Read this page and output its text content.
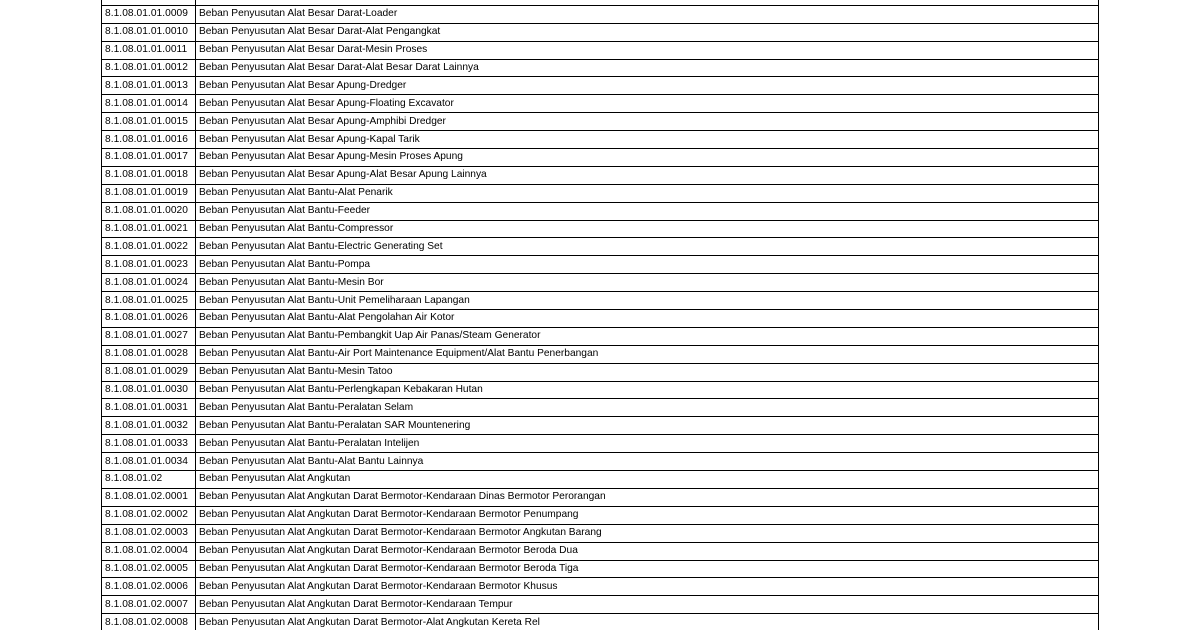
8.1.08.01.01.0009	Beban Penyusutan Alat Besar Darat-Loader
8.1.08.01.01.0010	Beban Penyusutan Alat Besar Darat-Alat Pengangkat
8.1.08.01.01.0011	Beban Penyusutan Alat Besar Darat-Mesin Proses
8.1.08.01.01.0012	Beban Penyusutan Alat Besar Darat-Alat Besar Darat Lainnya
8.1.08.01.01.0013	Beban Penyusutan Alat Besar Apung-Dredger
8.1.08.01.01.0014	Beban Penyusutan Alat Besar Apung-Floating Excavator
8.1.08.01.01.0015	Beban Penyusutan Alat Besar Apung-Amphibi Dredger
8.1.08.01.01.0016	Beban Penyusutan Alat Besar Apung-Kapal Tarik
8.1.08.01.01.0017	Beban Penyusutan Alat Besar Apung-Mesin Proses Apung
8.1.08.01.01.0018	Beban Penyusutan Alat Besar Apung-Alat Besar Apung Lainnya
8.1.08.01.01.0019	Beban Penyusutan Alat Bantu-Alat Penarik
8.1.08.01.01.0020	Beban Penyusutan Alat Bantu-Feeder
8.1.08.01.01.0021	Beban Penyusutan Alat Bantu-Compressor
8.1.08.01.01.0022	Beban Penyusutan Alat Bantu-Electric Generating Set
8.1.08.01.01.0023	Beban Penyusutan Alat Bantu-Pompa
8.1.08.01.01.0024	Beban Penyusutan Alat Bantu-Mesin Bor
8.1.08.01.01.0025	Beban Penyusutan Alat Bantu-Unit Pemeliharaan Lapangan
8.1.08.01.01.0026	Beban Penyusutan Alat Bantu-Alat Pengolahan Air Kotor
8.1.08.01.01.0027	Beban Penyusutan Alat Bantu-Pembangkit Uap Air Panas/Steam Generator
8.1.08.01.01.0028	Beban Penyusutan Alat Bantu-Air Port Maintenance Equipment/Alat Bantu Penerbangan
8.1.08.01.01.0029	Beban Penyusutan Alat Bantu-Mesin Tatoo
8.1.08.01.01.0030	Beban Penyusutan Alat Bantu-Perlengkapan Kebakaran Hutan
8.1.08.01.01.0031	Beban Penyusutan Alat Bantu-Peralatan Selam
8.1.08.01.01.0032	Beban Penyusutan Alat Bantu-Peralatan SAR Mountenering
8.1.08.01.01.0033	Beban Penyusutan Alat Bantu-Peralatan Intelijen
8.1.08.01.01.0034	Beban Penyusutan Alat Bantu-Alat Bantu Lainnya
8.1.08.01.02	Beban Penyusutan Alat Angkutan
8.1.08.01.02.0001	Beban Penyusutan Alat Angkutan Darat Bermotor-Kendaraan Dinas Bermotor Perorangan
8.1.08.01.02.0002	Beban Penyusutan Alat Angkutan Darat Bermotor-Kendaraan Bermotor Penumpang
8.1.08.01.02.0003	Beban Penyusutan Alat Angkutan Darat Bermotor-Kendaraan Bermotor Angkutan Barang
8.1.08.01.02.0004	Beban Penyusutan Alat Angkutan Darat Bermotor-Kendaraan Bermotor Beroda Dua
8.1.08.01.02.0005	Beban Penyusutan Alat Angkutan Darat Bermotor-Kendaraan Bermotor Beroda Tiga
8.1.08.01.02.0006	Beban Penyusutan Alat Angkutan Darat Bermotor-Kendaraan Bermotor Khusus
8.1.08.01.02.0007	Beban Penyusutan Alat Angkutan Darat Bermotor-Kendaraan Tempur
8.1.08.01.02.0008	Beban Penyusutan Alat Angkutan Darat Bermotor-Alat Angkutan Kereta Rel
